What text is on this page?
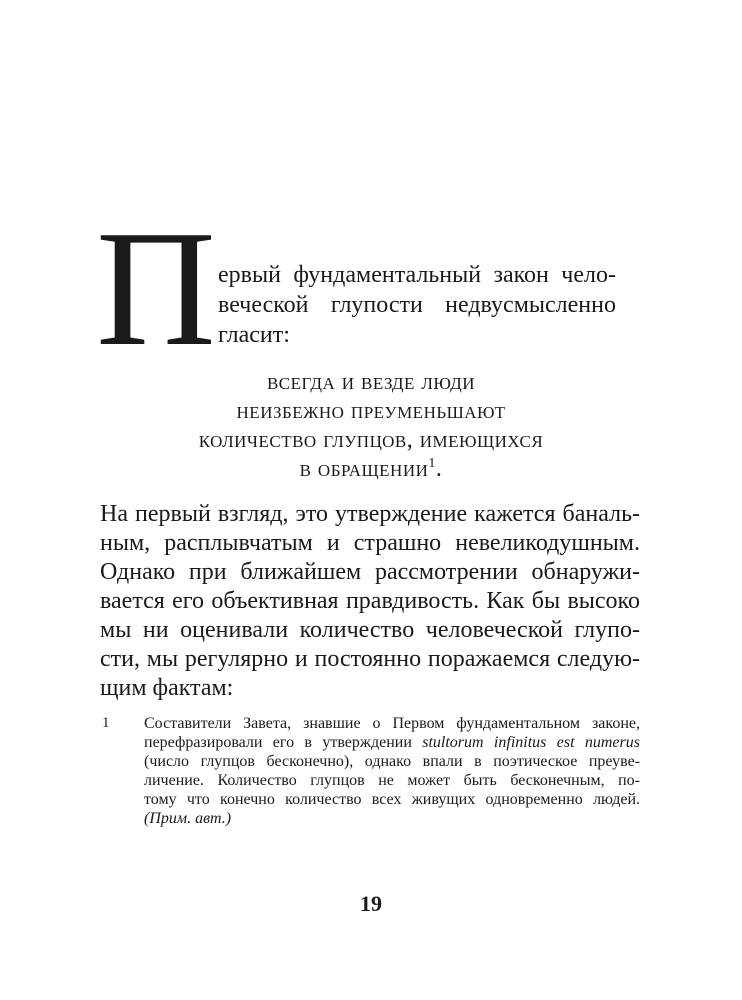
П ервый фундаментальный закон чело-
веческой глупости недвусмысленно
гласит:
всегда и везде люди
неизбежно преуменьшают
количество глупцов, имеющихся
в обращении$^1$.
На первый взгляд, это утверждение кажется баналь-
ным, расплывчатым и страшно невеликодушным.
Однако при ближайшем рассмотрении обнаружи-
вается его объективная правдивость. Как бы высоко
мы ни оценивали количество человеческой глупо-
сти, мы регулярно и постоянно поражаемся следую-
щим фактам:
1 Составители Завета, знавшие о Первом фундаментальном законе,
перефразировали его в утверждении stultorum infinitus est numerus
(число глупцов бесконечно), однако впали в поэтическое преуве-
личение. Количество глупцов не может быть бесконечным, по-
тому что конечно количество всех живущих одновременно людей.
(Прим. авт.)
19
